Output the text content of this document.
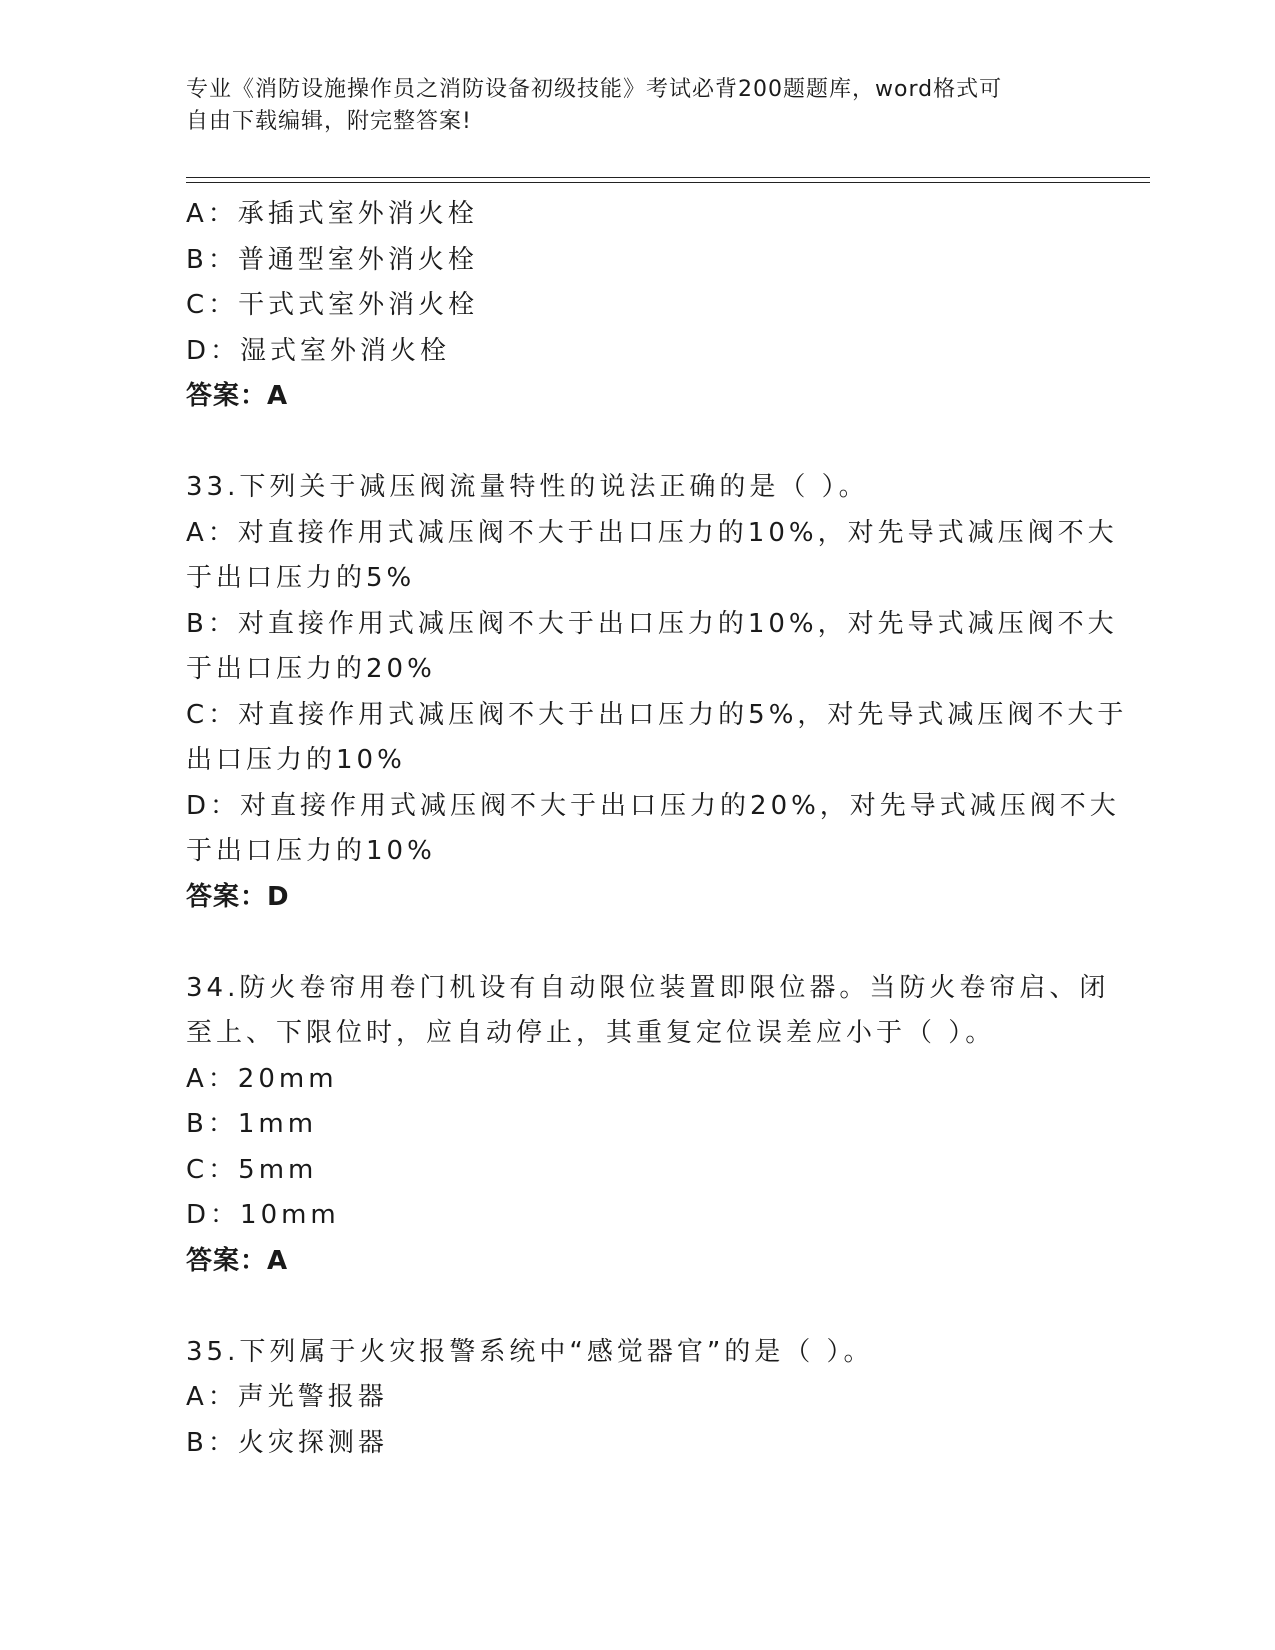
专业《消防设施操作员之消防设备初级技能》考试必背200题题库，word格式可
自由下载编辑，附完整答案!
A：承插式室外消火栓
B：普通型室外消火栓
C：干式式室外消火栓
D：湿式室外消火栓
答案：A
33.下列关于减压阀流量特性的说法正确的是（ ）。
A：对直接作用式减压阀不大于出口压力的10%，对先导式减压阀不大
于出口压力的5%
B：对直接作用式减压阀不大于出口压力的10%，对先导式减压阀不大
于出口压力的20%
C：对直接作用式减压阀不大于出口压力的5%，对先导式减压阀不大于
出口压力的10%
D：对直接作用式减压阀不大于出口压力的20%，对先导式减压阀不大
于出口压力的10%
答案：D
34.防火卷帘用卷门机设有自动限位装置即限位器。当防火卷帘启、闭
至上、下限位时，应自动停止，其重复定位误差应小于（ ）。
A：20mm
B：1mm
C：5mm
D：10mm
答案：A
35.下列属于火灾报警系统中“感觉器官”的是（ ）。
A：声光警报器
B：火灾探测器
